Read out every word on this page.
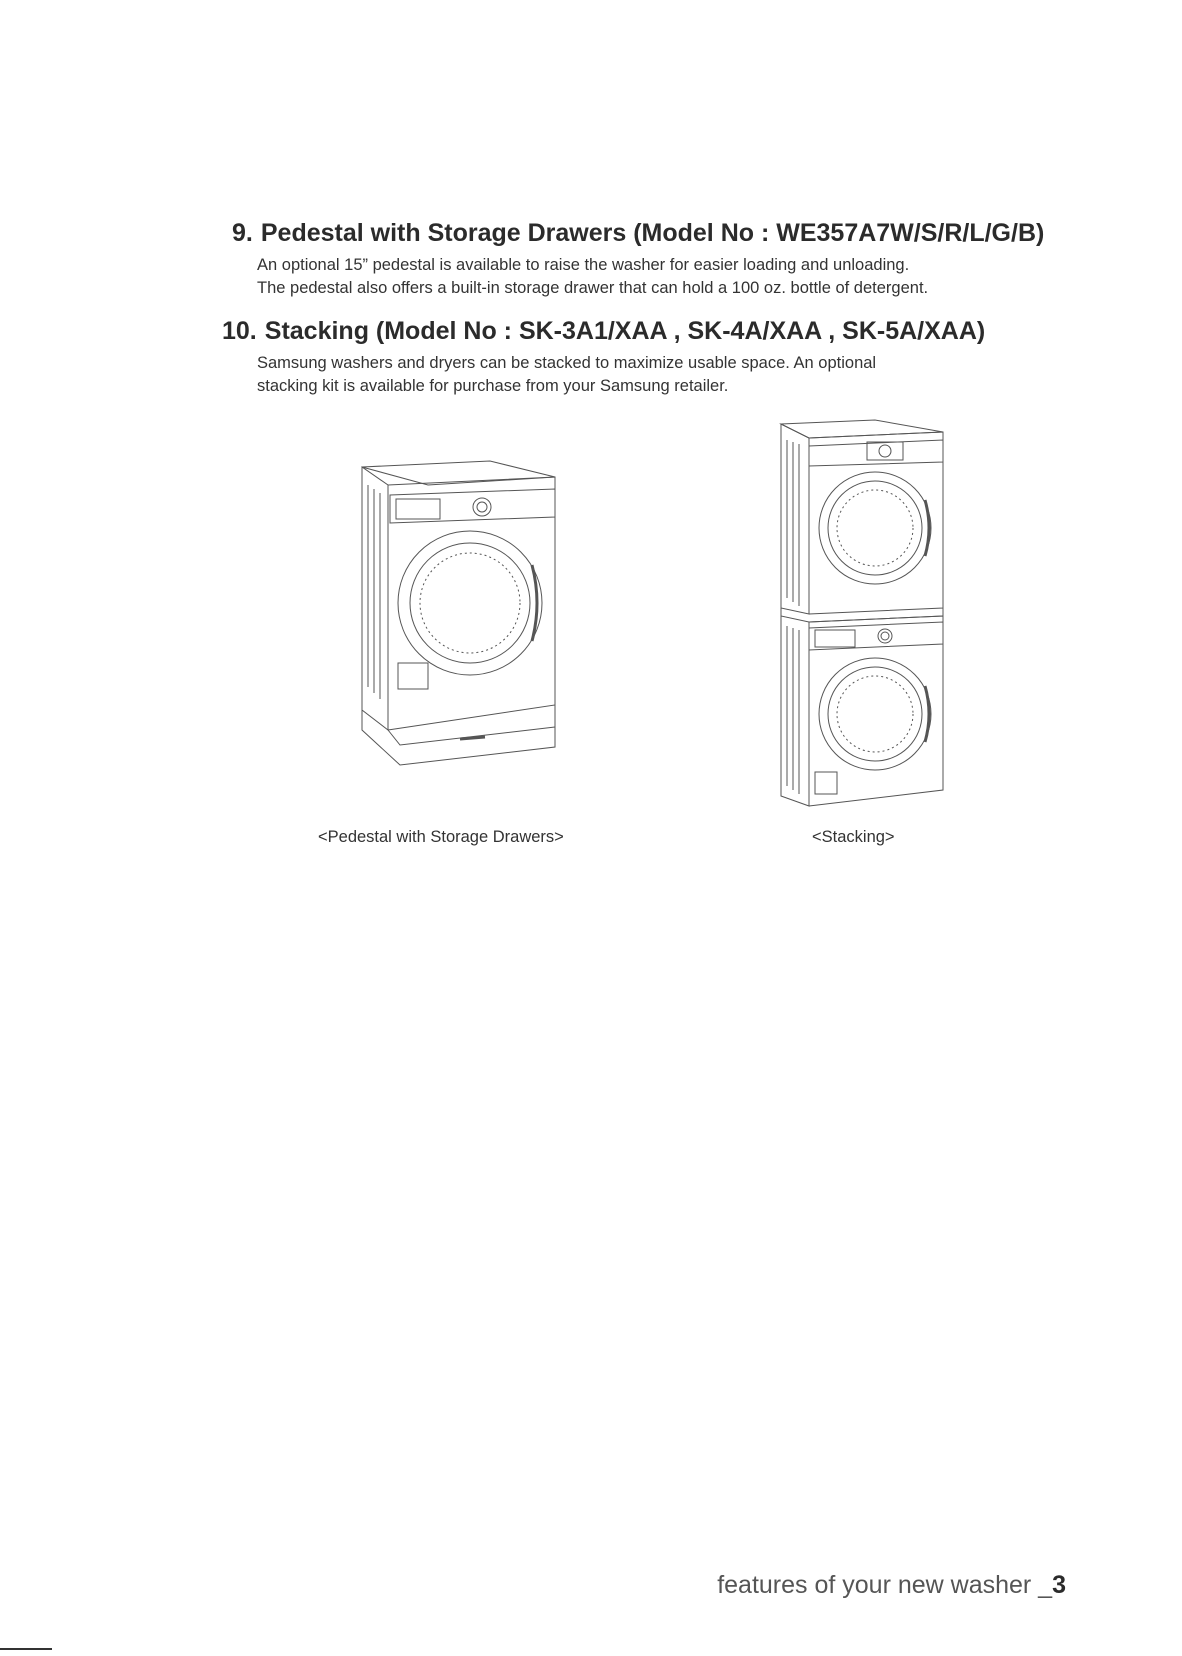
9. Pedestal with Storage Drawers (Model No : WE357A7W/S/R/L/G/B)

An optional 15” pedestal is available to raise the washer for easier loading and unloading.

The pedestal also offers a built-in storage drawer that can hold a 100 oz. bottle of detergent.

10. Stacking (Model No : SK-3A1/XAA , SK-4A/XAA , SK-5A/XAA)

Samsung washers and dryers can be stacked to maximize usable space. An optional

stacking kit is available for purchase from your Samsung retailer.

<Pedestal with Storage Drawers>	<Stacking>
features of your new washer _3
